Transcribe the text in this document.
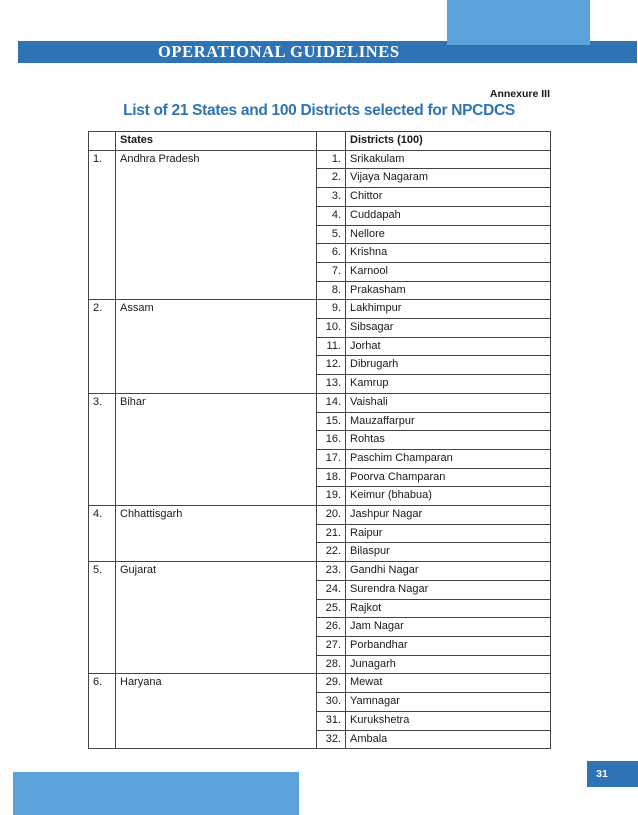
OPERATIONAL GUIDELINES
Annexure III
List of 21 States and 100 Districts selected for NPCDCS
	States		Districts (100)
1.	Andhra Pradesh	1.	Srikakulam
		2.	Vijaya Nagaram
		3.	Chittor
		4.	Cuddapah
		5.	Nellore
		6.	Krishna
		7.	Karnool
		8.	Prakasham
2.	Assam	9.	Lakhimpur
		10.	Sibsagar
		11.	Jorhat
		12.	Dibrugarh
		13.	Kamrup
3.	Bihar	14.	Vaishali
		15.	Mauzaffarpur
		16.	Rohtas
		17.	Paschim Champaran
		18.	Poorva Champaran
		19.	Keimur (bhabua)
4.	Chhattisgarh	20.	Jashpur Nagar
		21.	Raipur
		22.	Bilaspur
5.	Gujarat	23.	Gandhi Nagar
		24.	Surendra Nagar
		25.	Rajkot
		26.	Jam Nagar
		27.	Porbandhar
		28.	Junagarh
6.	Haryana	29.	Mewat
		30.	Yamnagar
		31.	Kurukshetra
		32.	Ambala
31
